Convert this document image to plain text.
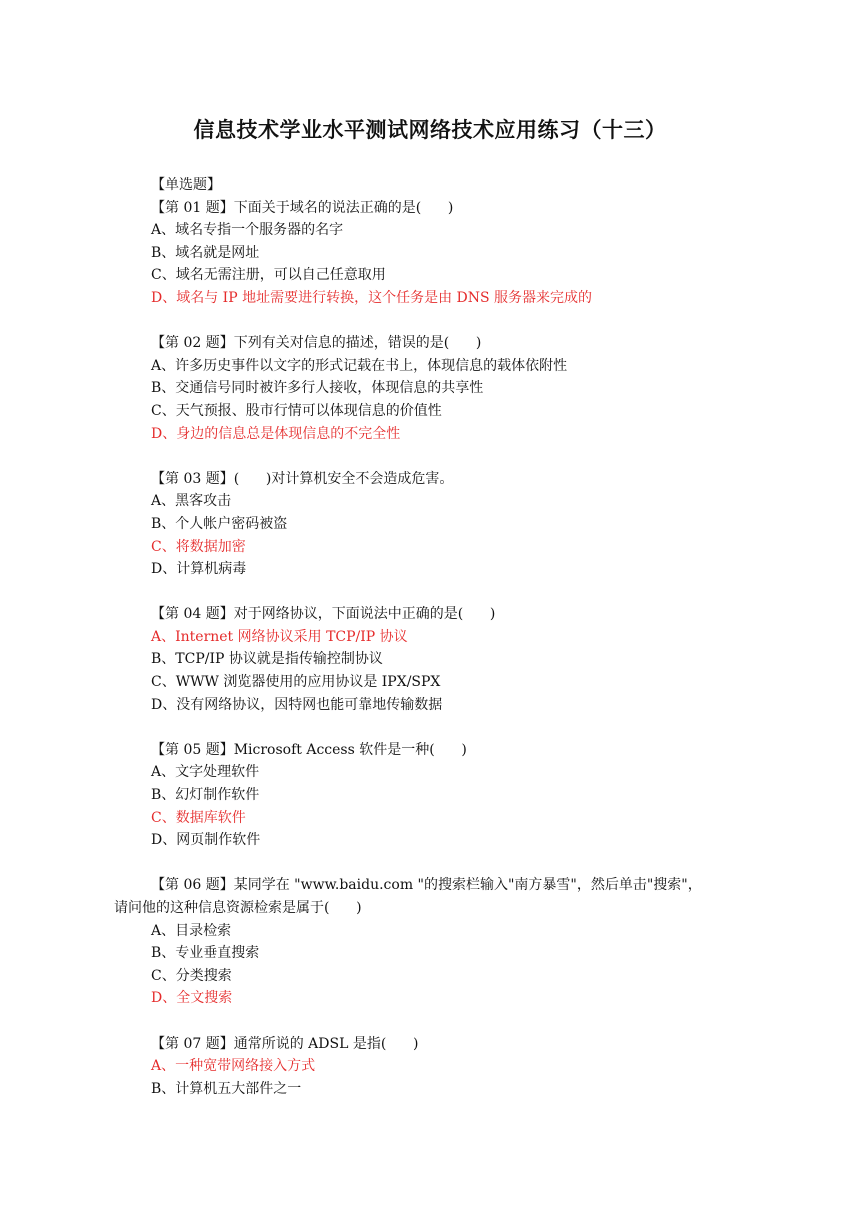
信息技术学业水平测试网络技术应用练习（十三）
【单选题】
【第 01 题】下面关于域名的说法正确的是(      )
A、域名专指一个服务器的名字
B、域名就是网址
C、域名无需注册，可以自己任意取用
D、域名与 IP 地址需要进行转换，这个任务是由 DNS 服务器来完成的
【第 02 题】下列有关对信息的描述，错误的是(      )
A、许多历史事件以文字的形式记载在书上，体现信息的载体依附性
B、交通信号同时被许多行人接收，体现信息的共享性
C、天气预报、股市行情可以体现信息的价值性
D、身边的信息总是体现信息的不完全性
【第 03 题】(      )对计算机安全不会造成危害。
A、黑客攻击
B、个人帐户密码被盗
C、将数据加密
D、计算机病毒
【第 04 题】对于网络协议，下面说法中正确的是(      )
A、Internet 网络协议采用 TCP/IP 协议
B、TCP/IP 协议就是指传输控制协议
C、WWW 浏览器使用的应用协议是 IPX/SPX
D、没有网络协议，因特网也能可靠地传输数据
【第 05 题】Microsoft Access 软件是一种(      )
A、文字处理软件
B、幻灯制作软件
C、数据库软件
D、网页制作软件
【第 06 题】某同学在 "www.baidu.com "的搜索栏输入"南方暴雪"，然后单击"搜索"，
请问他的这种信息资源检索是属于(      )
A、目录检索
B、专业垂直搜索
C、分类搜索
D、全文搜索
【第 07 题】通常所说的 ADSL 是指(      )
A、一种宽带网络接入方式
B、计算机五大部件之一
